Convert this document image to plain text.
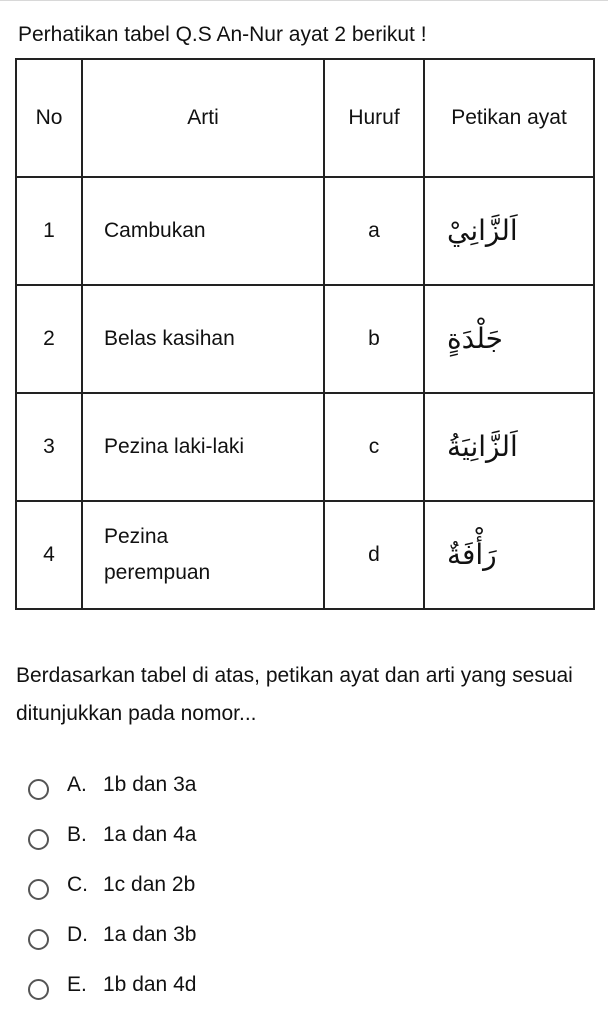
Perhatikan tabel Q.S An-Nur ayat 2 berikut !
No	Arti	Huruf	Petikan ayat

1	Cambukan	a	اَلزَّانِيْ

2	Belas kasihan	b	جَلْدَةٍ

3	Pezina laki-laki	c	اَلزَّانِيَةُ

4	Pezina perempuan	d	رَأْفَةٌ
Berdasarkan tabel di atas, petikan ayat dan arti yang sesuai ditunjukkan pada nomor...
A. 1b dan 3a
B. 1a dan 4a
C. 1c dan 2b
D. 1a dan 3b
E. 1b dan 4d
